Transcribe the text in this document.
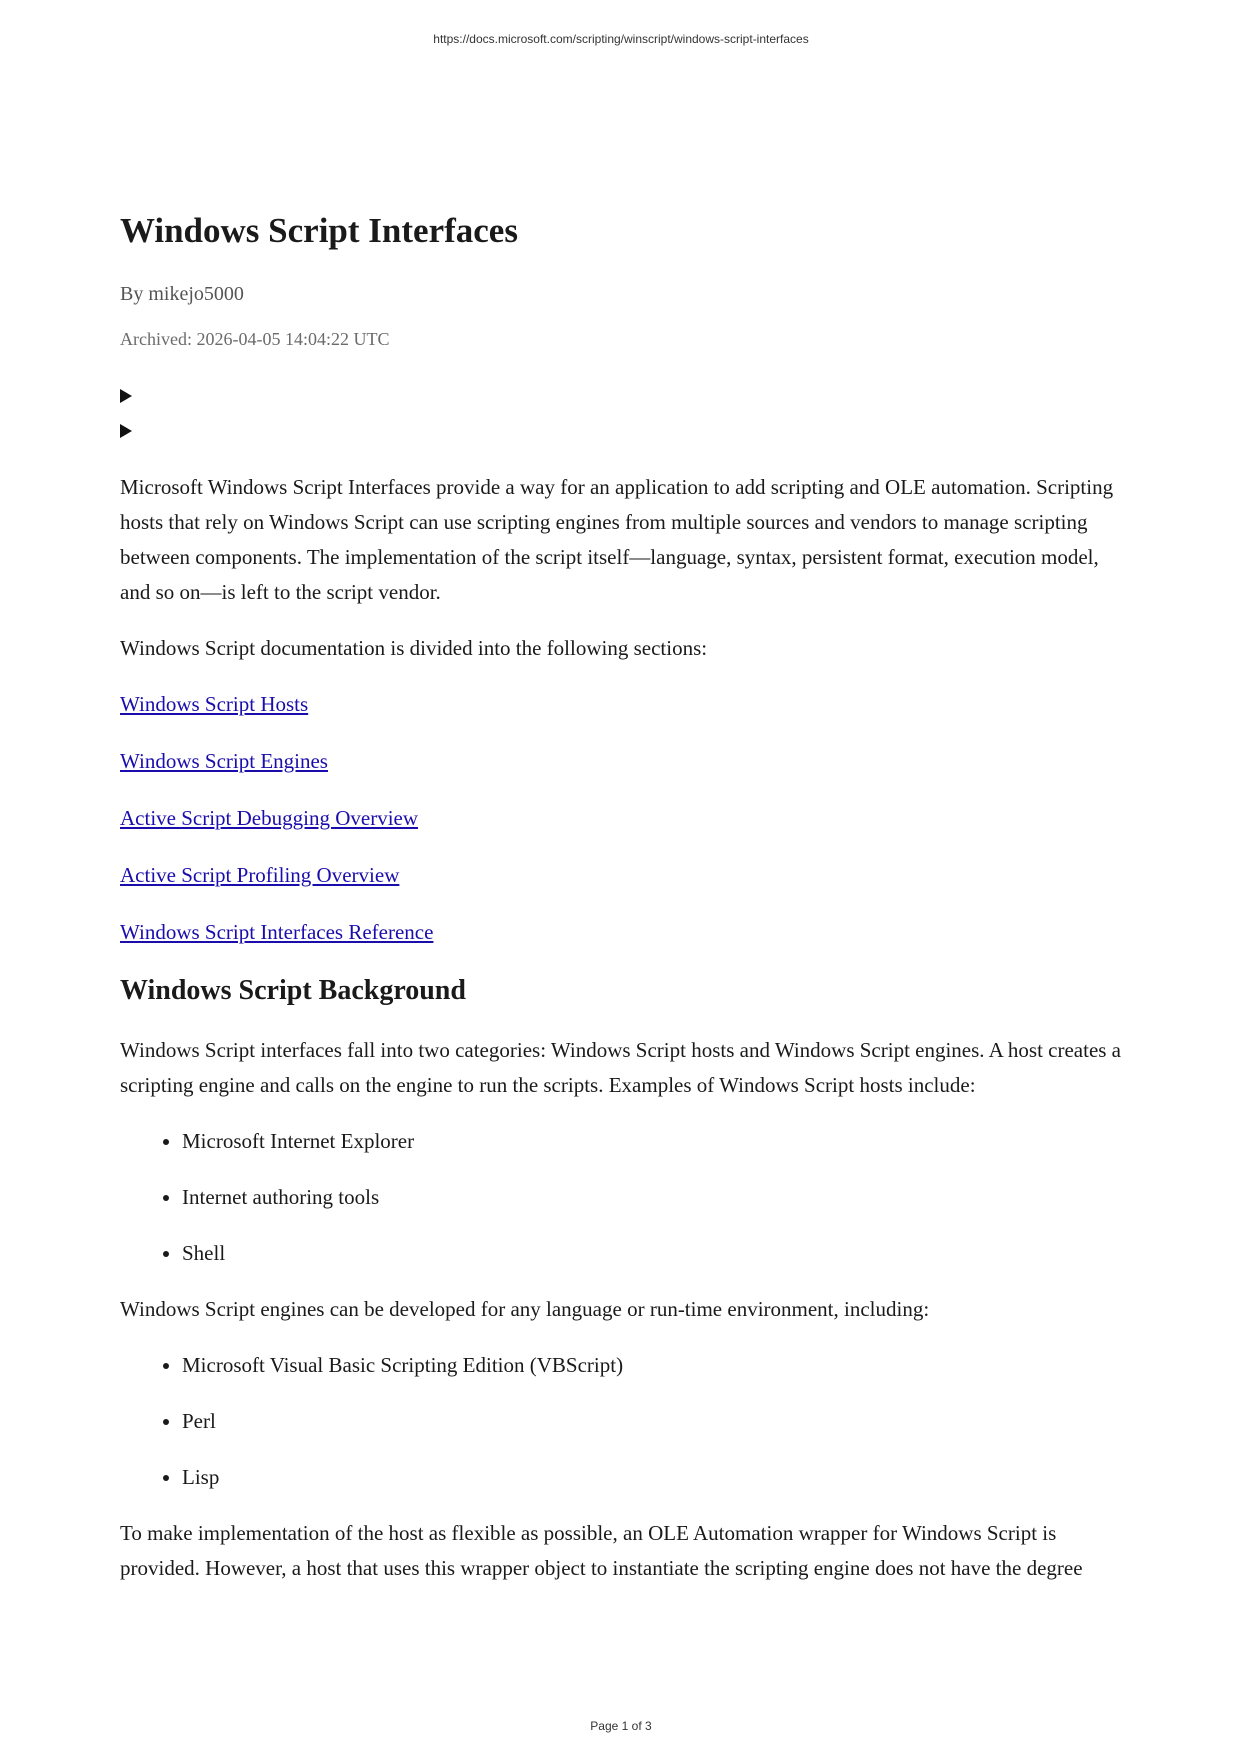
https://docs.microsoft.com/scripting/winscript/windows-script-interfaces
Windows Script Interfaces
By mikejo5000
Archived: 2026-04-05 14:04:22 UTC

Microsoft Windows Script Interfaces provide a way for an application to add scripting and OLE automation. Scripting hosts that rely on Windows Script can use scripting engines from multiple sources and vendors to manage scripting between components. The implementation of the script itself—language, syntax, persistent format, execution model, and so on—is left to the script vendor.

Windows Script documentation is divided into the following sections:

Windows Script Hosts
Windows Script Engines
Active Script Debugging Overview
Active Script Profiling Overview
Windows Script Interfaces Reference
Windows Script Background

Windows Script interfaces fall into two categories: Windows Script hosts and Windows Script engines. A host creates a scripting engine and calls on the engine to run the scripts. Examples of Windows Script hosts include:

• Microsoft Internet Explorer
• Internet authoring tools
• Shell

Windows Script engines can be developed for any language or run-time environment, including:

• Microsoft Visual Basic Scripting Edition (VBScript)
• Perl
• Lisp

To make implementation of the host as flexible as possible, an OLE Automation wrapper for Windows Script is provided. However, a host that uses this wrapper object to instantiate the scripting engine does not have the degree

Page 1 of 3
